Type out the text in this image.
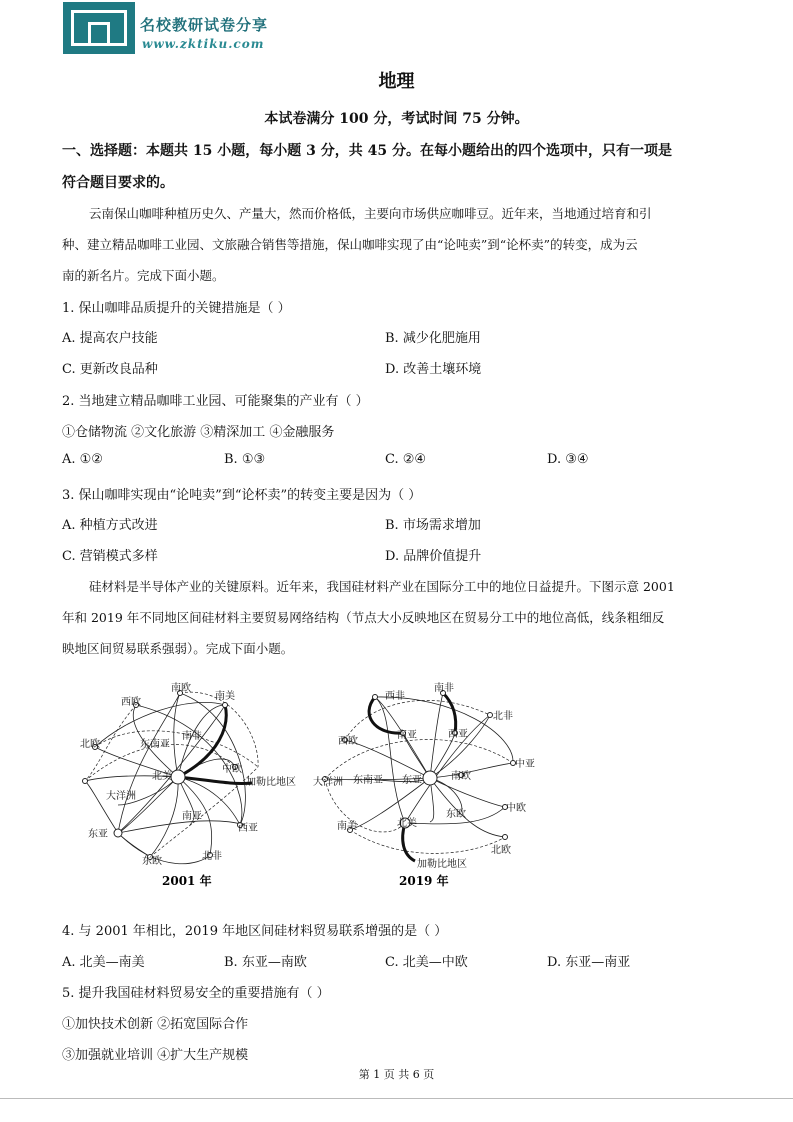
名校教研试卷分享
www.zktiku.com
地理
本试卷满分 100 分，考试时间 75 分钟。
一、选择题：本题共 15 小题，每小题 3 分，共 45 分。在每小题给出的四个选项中，只有一项是
符合题目要求的。
云南保山咖啡种植历史久、产量大，然而价格低，主要向市场供应咖啡豆。近年来，当地通过培育和引
种、建立精品咖啡工业园、文旅融合销售等措施，保山咖啡实现了由“论吨卖”到“论杯卖”的转变，成为云
南的新名片。完成下面小题。
1. 保山咖啡品质提升的关键措施是（ ）
A. 提高农户技能	B. 减少化肥施用
C. 更新改良品种	D. 改善土壤环境
2. 当地建立精品咖啡工业园、可能聚集的产业有（ ）
①仓储物流 ②文化旅游 ③精深加工 ④金融服务
A. ①②	B. ①③	C. ②④	D. ③④
3. 保山咖啡实现由“论吨卖”到“论杯卖”的转变主要是因为（ ）
A. 种植方式改进	B. 市场需求增加
C. 营销模式多样	D. 品牌价值提升
硅材料是半导体产业的关键原料。近年来，我国硅材料产业在国际分工中的地位日益提升。下图示意 2001
年和 2019 年不同地区间硅材料主要贸易网络结构（节点大小反映地区在贸易分工中的地位高低，线条粗细反
映地区间贸易联系强弱）。完成下面小题。
南欧
西欧
南美
北欧	东南亚
南非
北美
中欧
加勒比地区
大洋洲
东亚
南亚
西亚
东欧	北非
2001 年
西非
南非
北非
南亚	西亚
西欧
中亚
大洋洲 东南亚 东亚	南欧
北美
东欧
中欧
南美
北欧
加勒比地区
2019 年
4. 与 2001 年相比，2019 年地区间硅材料贸易联系增强的是（ ）
A. 北美—南美	B. 东亚—南欧	C. 北美—中欧	D. 东亚—南亚
5. 提升我国硅材料贸易安全的重要措施有（ ）
①加快技术创新 ②拓宽国际合作
③加强就业培训 ④扩大生产规模
第 1 页 共 6 页
